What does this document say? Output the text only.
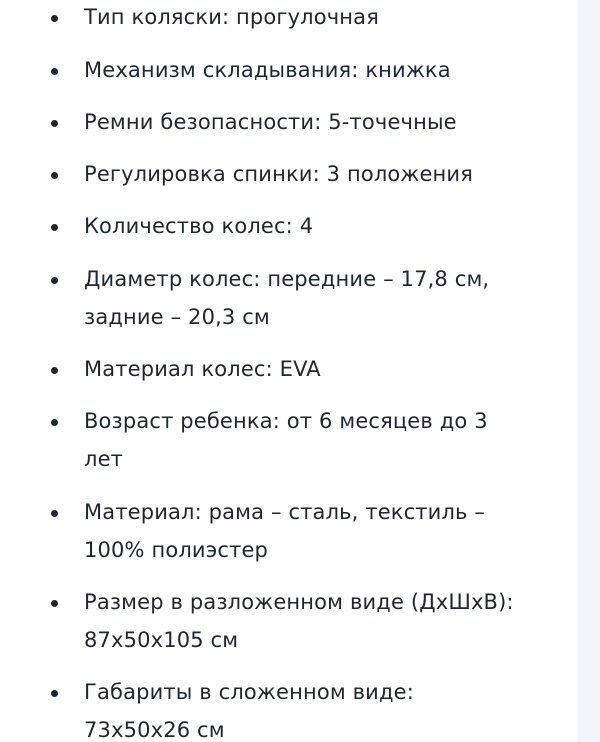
Тип коляски: прогулочная
Механизм складывания: книжка
Ремни безопасности: 5-точечные
Регулировка спинки: 3 положения
Количество колес: 4
Диаметр колес: передние – 17,8 см, задние – 20,3 см
Материал колес: EVA
Возраст ребенка: от 6 месяцев до 3 лет
Материал: рама – сталь, текстиль – 100% полиэстер
Размер в разложенном виде (ДхШхВ): 87х50х105 см
Габариты в сложенном виде: 73х50х26 см
